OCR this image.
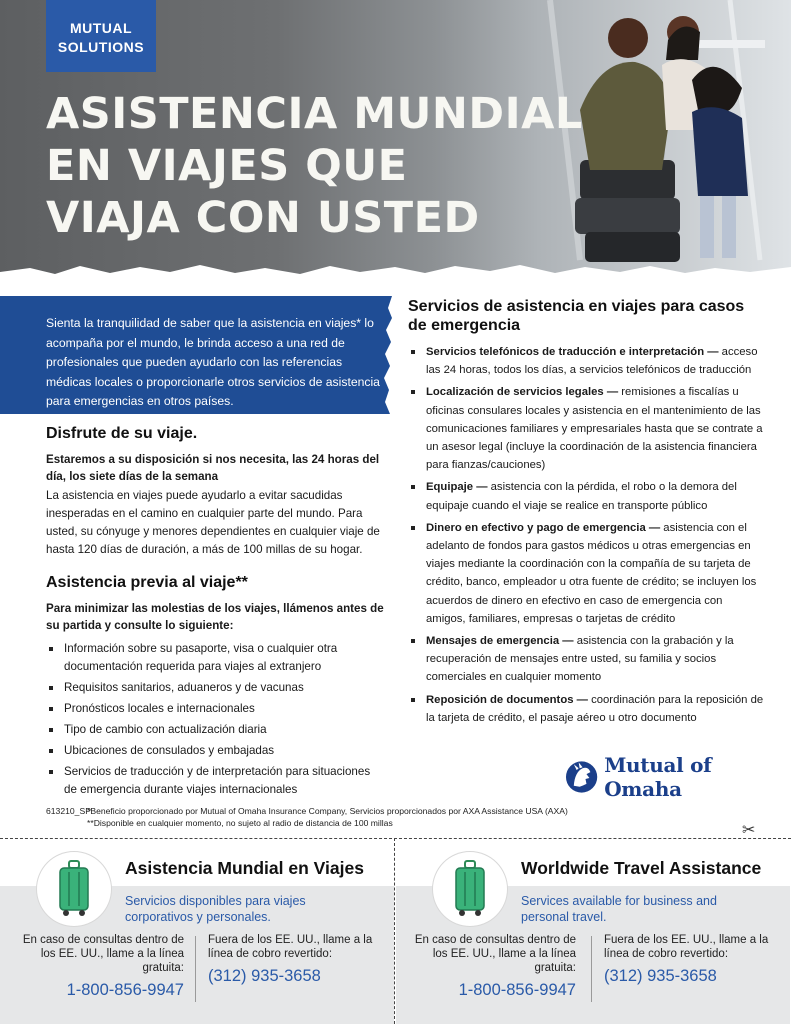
MUTUAL
SOLUTIONS
ASISTENCIA MUNDIAL
EN VIAJES QUE
VIAJA CON USTED

Sienta la tranquilidad de saber que la asistencia en viajes* lo acompaña por el mundo, le brinda acceso a una red de profesionales que pueden ayudarlo con las referencias médicas locales o proporcionarle otros servicios de asistencia para emergencias en otros países.

Disfrute de su viaje.

Estaremos a su disposición si nos necesita, las 24 horas del día, los siete días de la semana

La asistencia en viajes puede ayudarlo a evitar sacudidas inesperadas en el camino en cualquier parte del mundo. Para usted, su cónyuge y menores dependientes en cualquier viaje de hasta 120 días de duración, a más de 100 millas de su hogar.

Asistencia previa al viaje**

Para minimizar las molestias de los viajes, llámenos antes de su partida y consulte lo siguiente:

Información sobre su pasaporte, visa o cualquier otra documentación requerida para viajes al extranjero
Requisitos sanitarios, aduaneros y de vacunas
Pronósticos locales e internacionales
Tipo de cambio con actualización diaria
Ubicaciones de consulados y embajadas
Servicios de traducción y de interpretación para situaciones de emergencia durante viajes internacionales
Servicios de asistencia en viajes para casos de emergencia
Servicios telefónicos de traducción e interpretación — acceso las 24 horas, todos los días, a servicios telefónicos de traducción
Localización de servicios legales — remisiones a fiscalías u oficinas consulares locales y asistencia en el mantenimiento de las comunicaciones familiares y empresariales hasta que se contrate a un asesor legal (incluye la coordinación de la asistencia financiera para fianzas/cauciones)
Equipaje — asistencia con la pérdida, el robo o la demora del equipaje cuando el viaje se realice en transporte público
Dinero en efectivo y pago de emergencia — asistencia con el adelanto de fondos para gastos médicos u otras emergencias en viajes mediante la coordinación con la compañía de su tarjeta de crédito, banco, empleador u otra fuente de crédito; se incluyen los acuerdos de dinero en efectivo en caso de emergencia con amigos, familiares, empresas o tarjetas de crédito
Mensajes de emergencia — asistencia con la grabación y la recuperación de mensajes entre usted, su familia y socios comerciales en cualquier momento
Reposición de documentos — coordinación para la reposición de la tarjeta de crédito, el pasaje aéreo u otro documento
Mutual of Omaha
613210_SP*Beneficio proporcionado por Mutual of Omaha Insurance Company, Servicios proporcionados por AXA Assistance USA (AXA)
**Disponible en cualquier momento, no sujeto al radio de distancia de 100 millas	✂
Asistencia Mundial en Viajes
Servicios disponibles para viajes corporativos y personales.
En caso de consultas dentro de los EE. UU., llame a la línea gratuita:
1-800-856-9947
Fuera de los EE. UU., llame a la línea de cobro revertido:
(312) 935-3658
Worldwide Travel Assistance
Services available for business and personal travel.
En caso de consultas dentro de los EE. UU., llame a la línea gratuita:
1-800-856-9947
Fuera de los EE. UU., llame a la línea de cobro revertido:
(312) 935-3658
